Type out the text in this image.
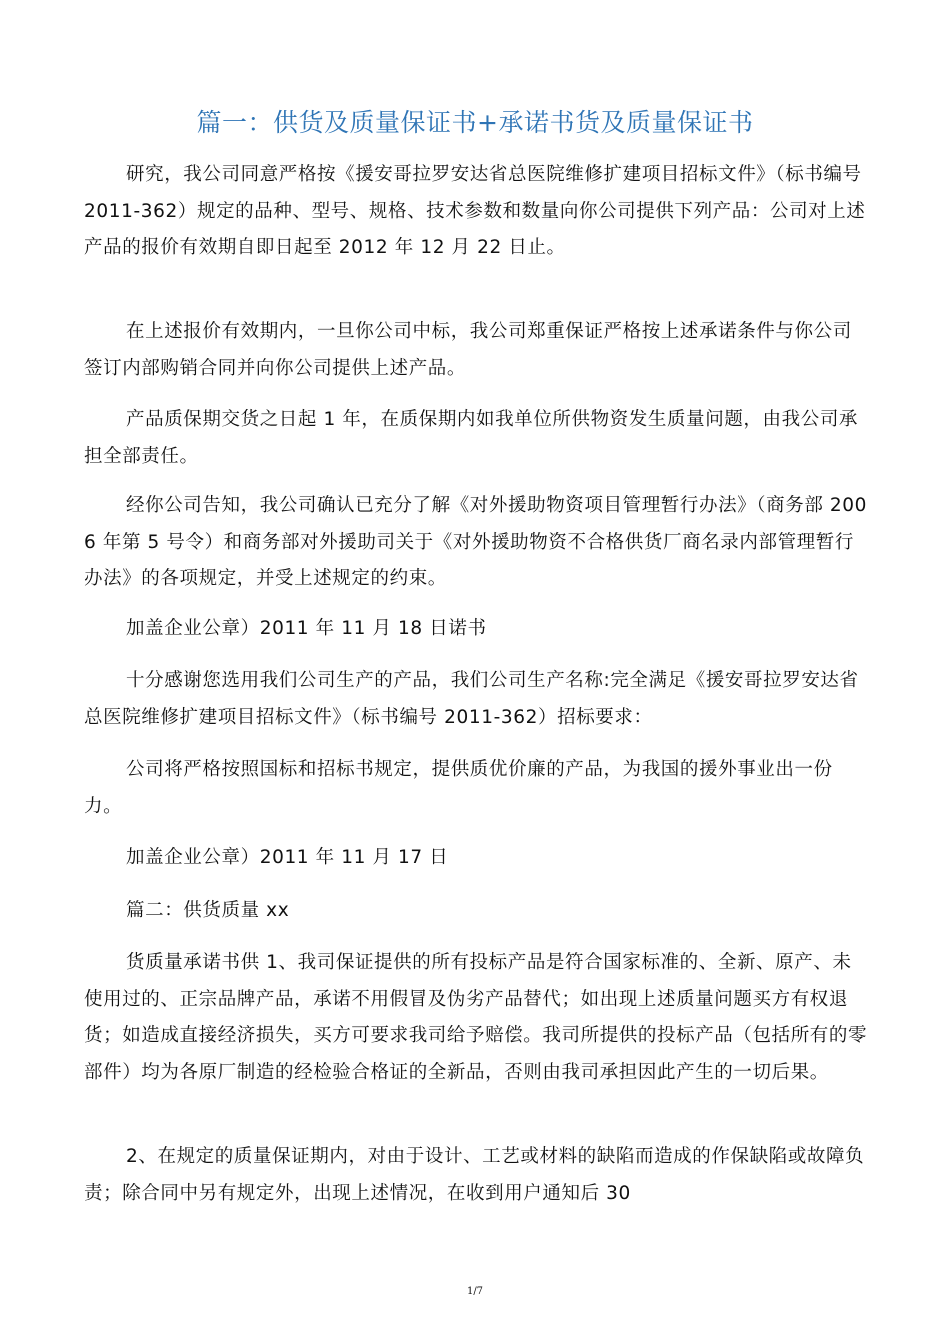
篇一：供货及质量保证书+承诺书货及质量保证书

研究，我公司同意严格按《援安哥拉罗安达省总医院维修扩建项目招标文件》（标书编号 2011-362）规定的品种、型号、规格、技术参数和数量向你公司提供下列产品：公司对上述产品的报价有效期自即日起至 2012 年 12 月 22 日止。

在上述报价有效期内，一旦你公司中标，我公司郑重保证严格按上述承诺条件与你公司签订内部购销合同并向你公司提供上述产品。

产品质保期交货之日起 1 年，在质保期内如我单位所供物资发生质量问题，由我公司承担全部责任。

经你公司告知，我公司确认已充分了解《对外援助物资项目管理暂行办法》（商务部 2006 年第 5 号令）和商务部对外援助司关于《对外援助物资不合格供货厂商名录内部管理暂行办法》的各项规定，并受上述规定的约束。

加盖企业公章）2011 年 11 月 18 日诺书

十分感谢您选用我们公司生产的产品，我们公司生产名称:完全满足《援安哥拉罗安达省总医院维修扩建项目招标文件》（标书编号 2011-362）招标要求：

公司将严格按照国标和招标书规定，提供质优价廉的产品，为我国的援外事业出一份力。

加盖企业公章）2011 年 11 月 17 日

篇二：供货质量 xx

货质量承诺书供 1、我司保证提供的所有投标产品是符合国家标准的、全新、原产、未使用过的、正宗品牌产品，承诺不用假冒及伪劣产品替代；如出现上述质量问题买方有权退货；如造成直接经济损失，买方可要求我司给予赔偿。我司所提供的投标产品（包括所有的零部件）均为各原厂制造的经检验合格证的全新品，否则由我司承担因此产生的一切后果。

2、在规定的质量保证期内，对由于设计、工艺或材料的缺陷而造成的作保缺陷或故障负责；除合同中另有规定外，出现上述情况，在收到用户通知后 30

1/7
